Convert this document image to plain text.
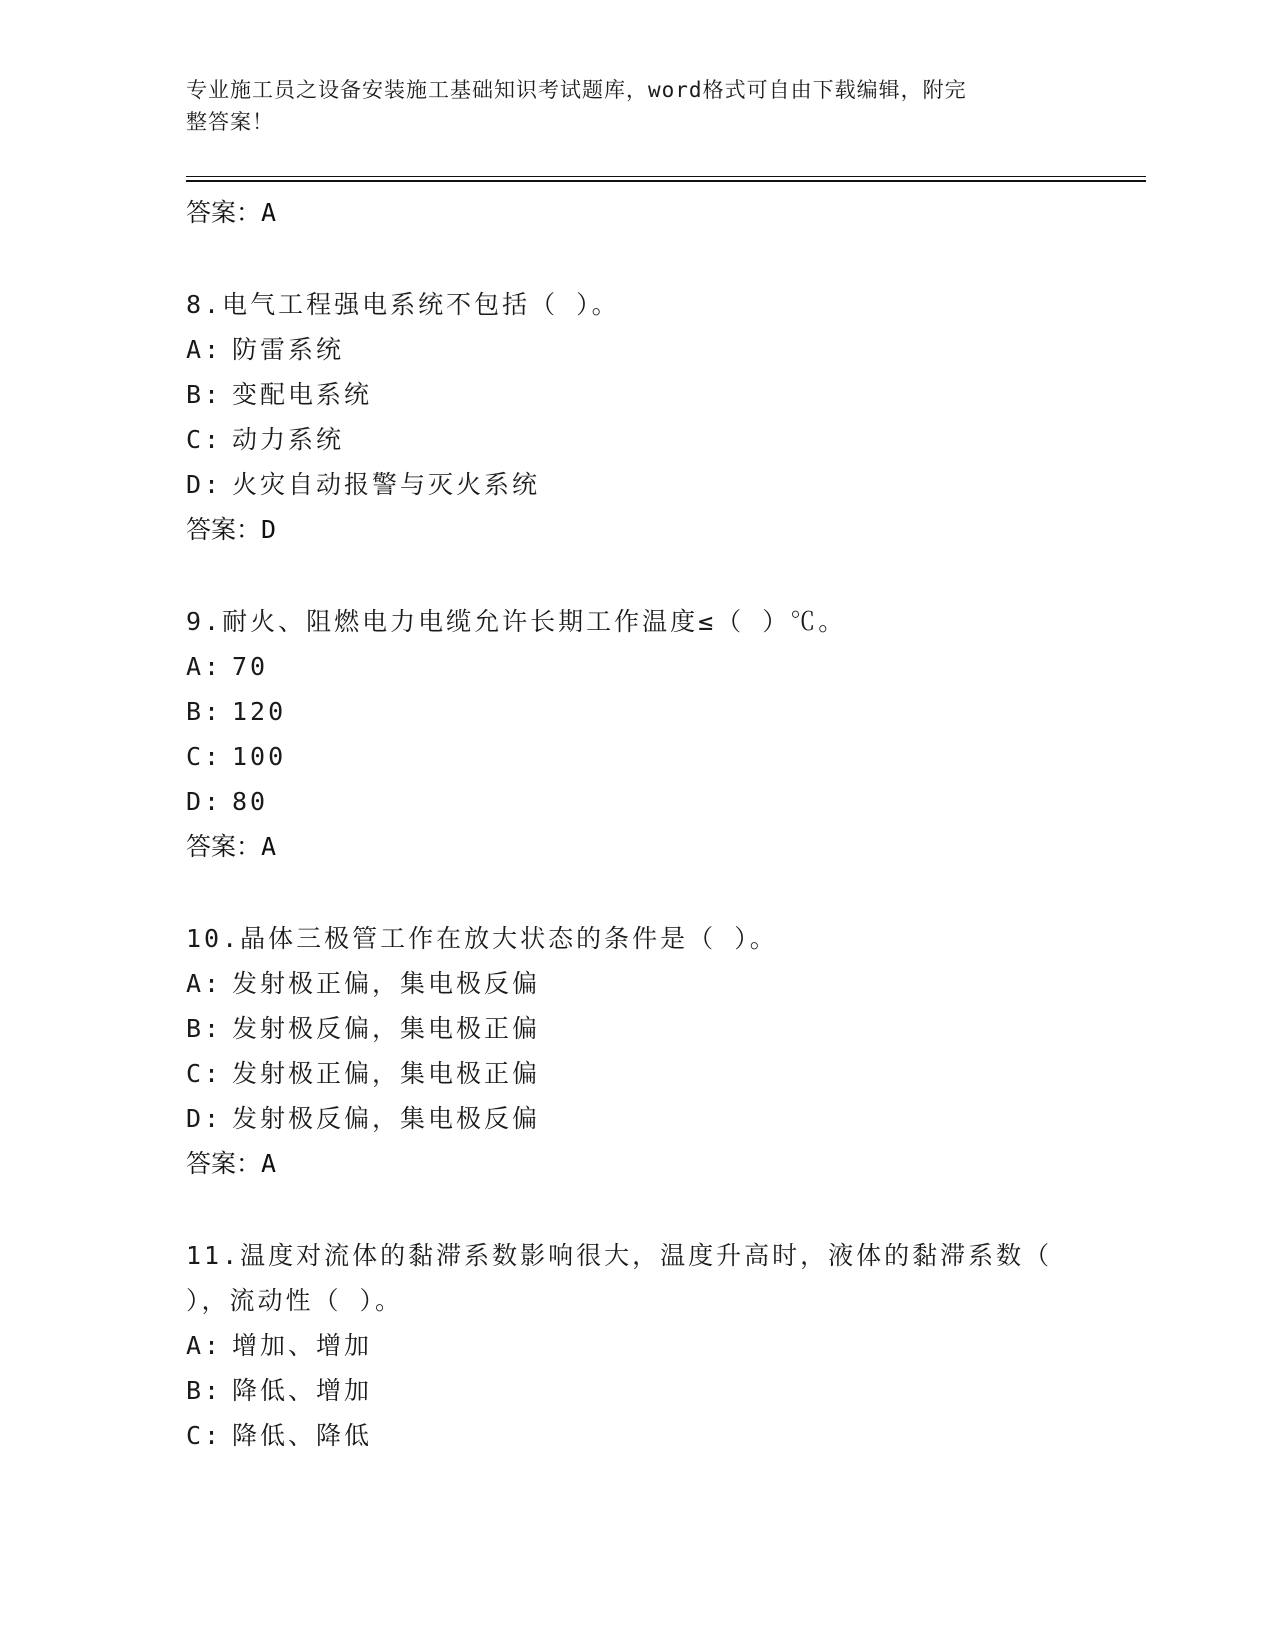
专业施工员之设备安装施工基础知识考试题库，word格式可自由下载编辑，附完
整答案！
答案：A
8.电气工程强电系统不包括（ ）。
A: 防雷系统
B: 变配电系统
C: 动力系统
D: 火灾自动报警与灭火系统
答案：D
9.耐火、阻燃电力电缆允许长期工作温度≤（ ）℃。
A: 70
B: 120
C: 100
D: 80
答案：A
10.晶体三极管工作在放大状态的条件是（ ）。
A: 发射极正偏，集电极反偏
B: 发射极反偏，集电极正偏
C: 发射极正偏，集电极正偏
D: 发射极反偏，集电极反偏
答案：A
11.温度对流体的黏滞系数影响很大，温度升高时，液体的黏滞系数（
），流动性（ ）。
A: 增加、增加
B: 降低、增加
C: 降低、降低
